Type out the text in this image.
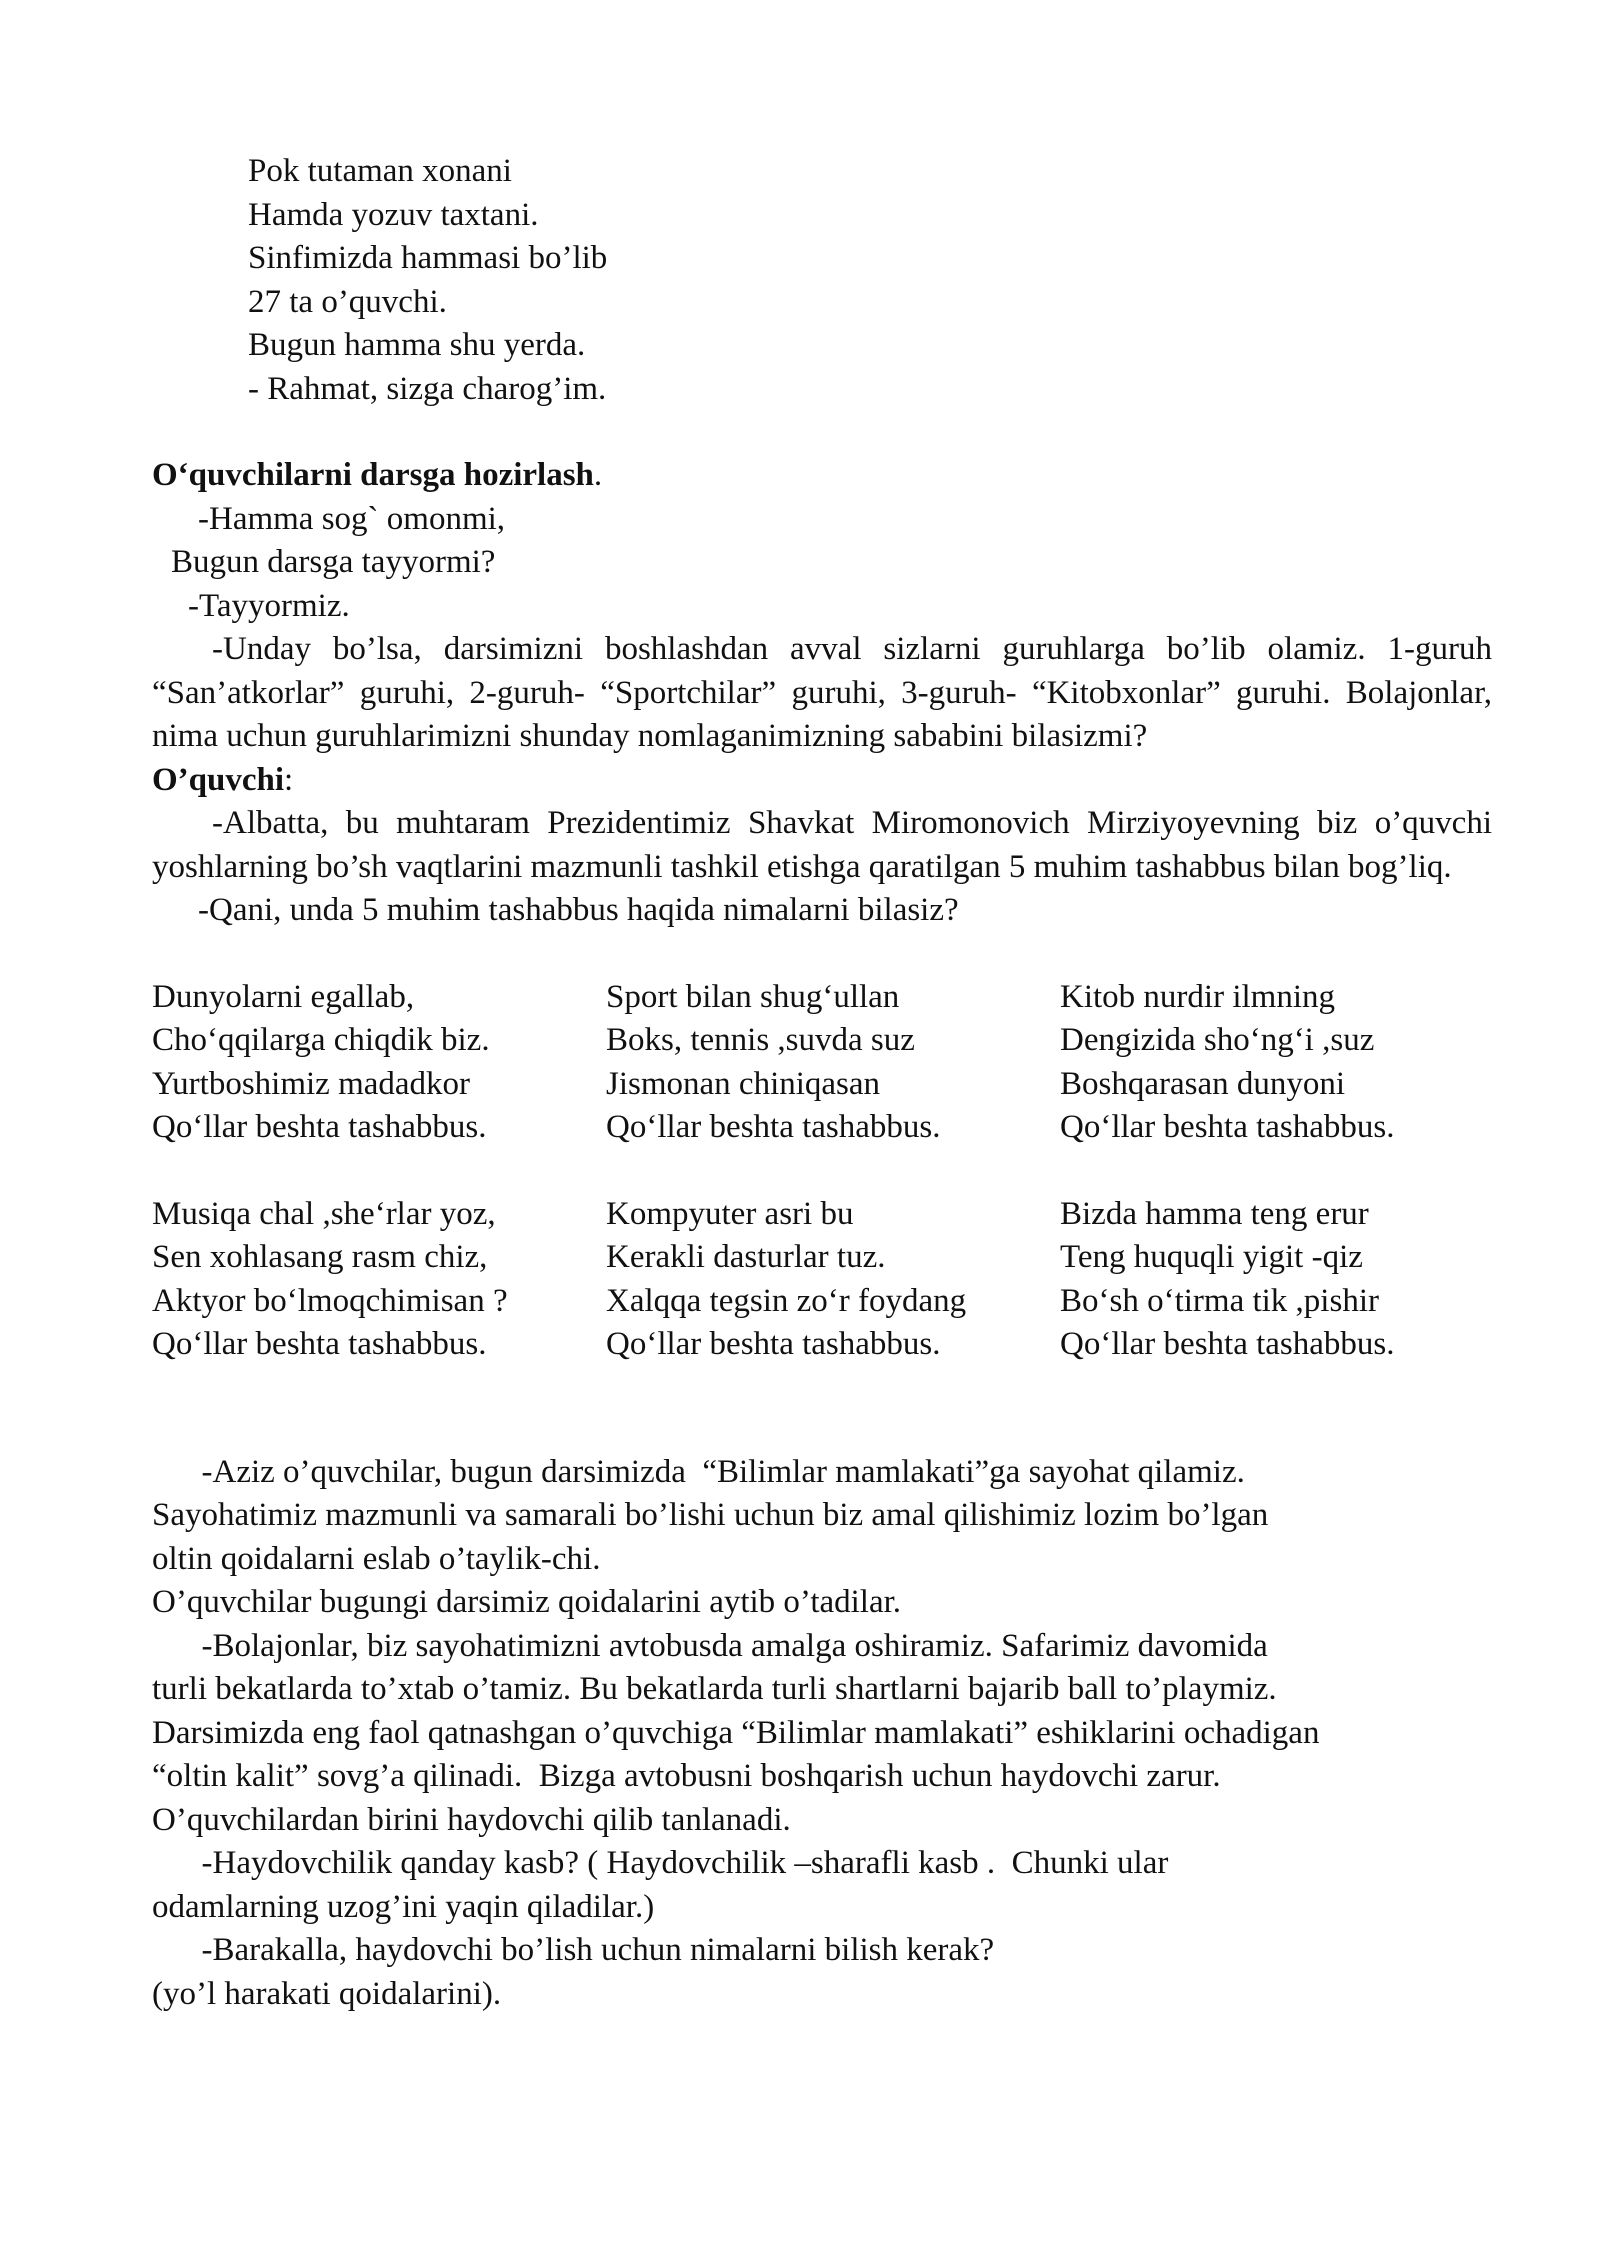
Pok tutaman xonani
Hamda yozuv taxtani.
Sinfimizda hammasi bo’lib
27 ta o’quvchi.
Bugun hamma shu yerda.
- Rahmat, sizga charog’im.
O‘quvchilarni darsga hozirlash.
-Hamma sog` omonmi,
Bugun darsga tayyormi?
-Tayyormiz.

-Unday bo’lsa, darsimizni boshlashdan avval sizlarni guruhlarga bo’lib olamiz. 1-guruh “San’atkorlar” guruhi, 2-guruh- “Sportchilar” guruhi, 3-guruh- “Kitobxonlar” guruhi. Bolajonlar, nima uchun guruhlarimizni shunday nomlaganimizning sababini bilasizmi?

O’quvchi:

-Albatta, bu muhtaram Prezidentimiz Shavkat Miromonovich Mirziyoyevning biz o’quvchi yoshlarning bo’sh vaqtlarini mazmunli tashkil etishga qaratilgan 5 muhim tashabbus bilan bog’liq.

-Qani, unda 5 muhim tashabbus haqida nimalarni bilasiz?
Dunyolarni egallab,
Cho‘qqilarga chiqdik biz.
Yurtboshimiz madadkor
Qo‘llar beshta tashabbus.
Sport bilan shug‘ullan
Boks, tennis ,suvda suz
Jismonan chiniqasan
Qo‘llar beshta tashabbus.
Kitob nurdir ilmning
Dengizida sho‘ng‘i ,suz
Boshqarasan dunyoni
Qo‘llar beshta tashabbus.
Musiqa chal ,she‘rlar yoz,
Sen xohlasang rasm chiz,
Aktyor bo‘lmoqchimisan ?
Qo‘llar beshta tashabbus.
Kompyuter asri bu
Kerakli dasturlar tuz.
Xalqqa tegsin zo‘r foydang
Qo‘llar beshta tashabbus.
Bizda hamma teng erur
Teng huquqli yigit -qiz
Bo‘sh o‘tirma tik ,pishir
Qo‘llar beshta tashabbus.
-Aziz o’quvchilar, bugun darsimizda  “Bilimlar mamlakati”ga sayohat qilamiz.
Sayohatimiz mazmunli va samarali bo’lishi uchun biz amal qilishimiz lozim bo’lgan
oltin qoidalarni eslab o’taylik-chi.
O’quvchilar bugungi darsimiz qoidalarini aytib o’tadilar.
-Bolajonlar, biz sayohatimizni avtobusda amalga oshiramiz. Safarimiz davomida
turli bekatlarda to’xtab o’tamiz. Bu bekatlarda turli shartlarni bajarib ball to’playmiz.
Darsimizda eng faol qatnashgan o’quvchiga “Bilimlar mamlakati” eshiklarini ochadigan
“oltin kalit” sovg’a qilinadi.  Bizga avtobusni boshqarish uchun haydovchi zarur.
O’quvchilardan birini haydovchi qilib tanlanadi.
-Haydovchilik qanday kasb? ( Haydovchilik –sharafli kasb .  Chunki ular
odamlarning uzog’ini yaqin qiladilar.)
-Barakalla, haydovchi bo’lish uchun nimalarni bilish kerak?
(yo’l harakati qoidalarini).
